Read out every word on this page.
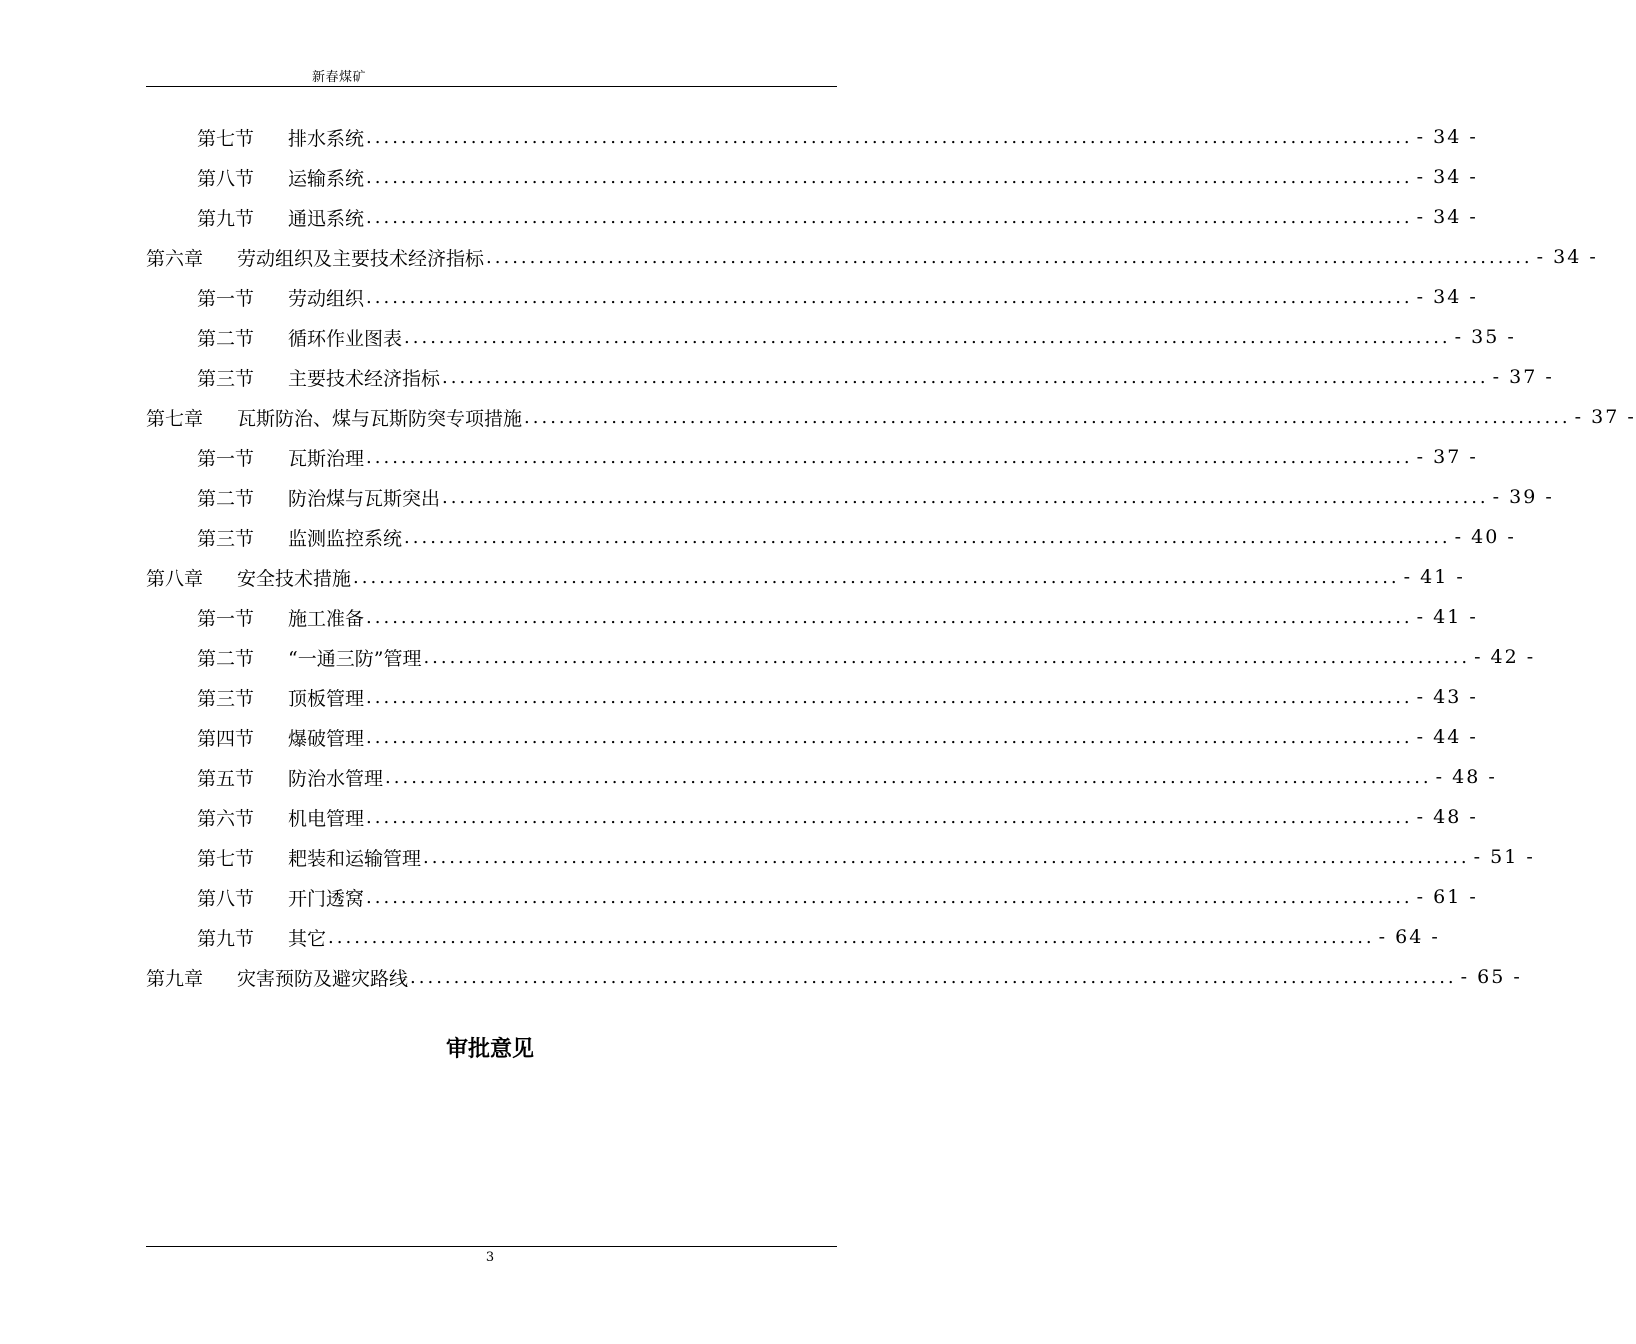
新春煤矿
第七节 排水系统 ........................................................................................................................ - 34 -
第八节 运输系统 ........................................................................................................................ - 34 -
第九节 通迅系统 ........................................................................................................................ - 34 -
第六章 劳动组织及主要技术经济指标 ........................................................................................................................ - 34 -
第一节 劳动组织 ........................................................................................................................ - 34 -
第二节 循环作业图表 ........................................................................................................................ - 35 -
第三节 主要技术经济指标 ........................................................................................................................ - 37 -
第七章 瓦斯防治、煤与瓦斯防突专项措施 ........................................................................................................................ - 37 -
第一节 瓦斯治理 ........................................................................................................................ - 37 -
第二节 防治煤与瓦斯突出 ........................................................................................................................ - 39 -
第三节 监测监控系统 ........................................................................................................................ - 40 -
第八章 安全技术措施 ........................................................................................................................ - 41 -
第一节 施工准备 ........................................................................................................................ - 41 -
第二节 “一通三防”管理 ........................................................................................................................ - 42 -
第三节 顶板管理 ........................................................................................................................ - 43 -
第四节 爆破管理 ........................................................................................................................ - 44 -
第五节 防治水管理 ........................................................................................................................ - 48 -
第六节 机电管理 ........................................................................................................................ - 48 -
第七节 耙装和运输管理 ........................................................................................................................ - 51 -
第八节 开门透窝 ........................................................................................................................ - 61 -
第九节 其它 ........................................................................................................................ - 64 -
第九章 灾害预防及避灾路线 ........................................................................................................................ - 65 -
审批意见
3
